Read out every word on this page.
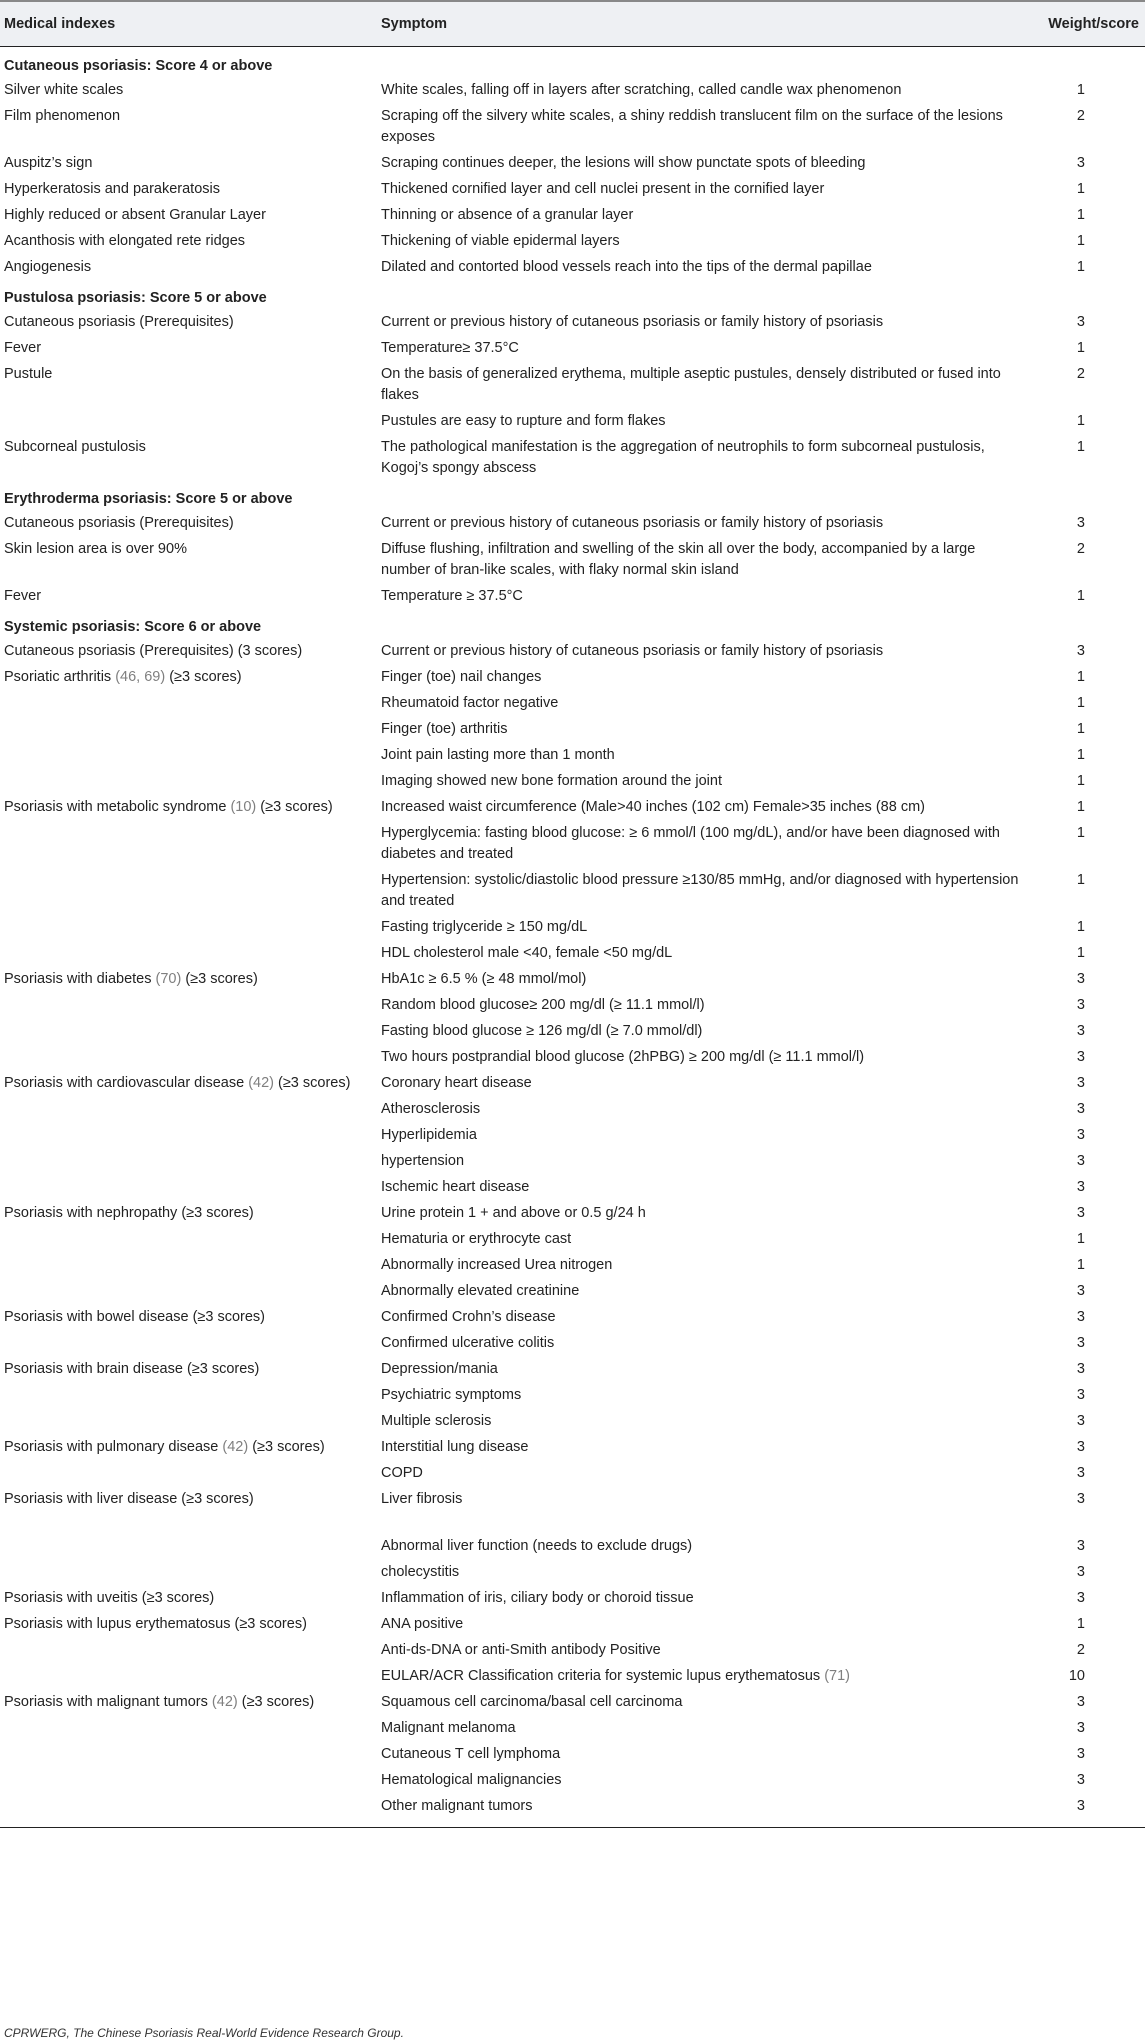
Medical indexes	Symptom	Weight/score
Cutaneous psoriasis: Score 4 or above		
Silver white scales	White scales, falling off in layers after scratching, called candle wax phenomenon	1
Film phenomenon	Scraping off the silvery white scales, a shiny reddish translucent film on the surface of the lesions exposes	2
Auspitz’s sign	Scraping continues deeper, the lesions will show punctate spots of bleeding	3
Hyperkeratosis and parakeratosis	Thickened cornified layer and cell nuclei present in the cornified layer	1
Highly reduced or absent Granular Layer	Thinning or absence of a granular layer	1
Acanthosis with elongated rete ridges	Thickening of viable epidermal layers	1
Angiogenesis	Dilated and contorted blood vessels reach into the tips of the dermal papillae	1
Pustulosa psoriasis: Score 5 or above		
Cutaneous psoriasis (Prerequisites)	Current or previous history of cutaneous psoriasis or family history of psoriasis	3
Fever	Temperature≥ 37.5°C	1
Pustule	On the basis of generalized erythema, multiple aseptic pustules, densely distributed or fused into flakes	2
	Pustules are easy to rupture and form flakes	1
Subcorneal pustulosis	The pathological manifestation is the aggregation of neutrophils to form subcorneal pustulosis, Kogoj’s spongy abscess	1
Erythroderma psoriasis: Score 5 or above		
Cutaneous psoriasis (Prerequisites)	Current or previous history of cutaneous psoriasis or family history of psoriasis	3
Skin lesion area is over 90%	Diffuse flushing, infiltration and swelling of the skin all over the body, accompanied by a large number of bran-like scales, with flaky normal skin island	2
Fever	Temperature ≥ 37.5°C	1
Systemic psoriasis: Score 6 or above		
Cutaneous psoriasis (Prerequisites) (3 scores)	Current or previous history of cutaneous psoriasis or family history of psoriasis	3
Psoriatic arthritis (46, 69) (≥3 scores)	Finger (toe) nail changes	1
	Rheumatoid factor negative	1
	Finger (toe) arthritis	1
	Joint pain lasting more than 1 month	1
	Imaging showed new bone formation around the joint	1
Psoriasis with metabolic syndrome (10) (≥3 scores)	Increased waist circumference (Male>40 inches (102 cm) Female>35 inches (88 cm)	1
	Hyperglycemia: fasting blood glucose: ≥ 6 mmol/l (100 mg/dL), and/or have been diagnosed with diabetes and treated	1
	Hypertension: systolic/diastolic blood pressure ≥130/85 mmHg, and/or diagnosed with hypertension and treated	1
	Fasting triglyceride ≥ 150 mg/dL	1
	HDL cholesterol male <40, female <50 mg/dL	1
Psoriasis with diabetes (70) (≥3 scores)	HbA1c ≥ 6.5 % (≥ 48 mmol/mol)	3
	Random blood glucose≥ 200 mg/dl (≥ 11.1 mmol/l)	3
	Fasting blood glucose ≥ 126 mg/dl (≥ 7.0 mmol/dl)	3
	Two hours postprandial blood glucose (2hPBG) ≥ 200 mg/dl (≥ 11.1 mmol/l)	3
Psoriasis with cardiovascular disease (42) (≥3 scores)	Coronary heart disease	3
	Atherosclerosis	3
	Hyperlipidemia	3
	hypertension	3
	Ischemic heart disease	3
Psoriasis with nephropathy (≥3 scores)	Urine protein 1 + and above or 0.5 g/24 h	3
	Hematuria or erythrocyte cast	1
	Abnormally increased Urea nitrogen	1
	Abnormally elevated creatinine	3
Psoriasis with bowel disease (≥3 scores)	Confirmed Crohn’s disease	3
	Confirmed ulcerative colitis	3
Psoriasis with brain disease (≥3 scores)	Depression/mania	3
	Psychiatric symptoms	3
	Multiple sclerosis	3
Psoriasis with pulmonary disease (42) (≥3 scores)	Interstitial lung disease	3
	COPD	3
Psoriasis with liver disease (≥3 scores)	Liver fibrosis	3
	Abnormal liver function (needs to exclude drugs)	3
	cholecystitis	3
Psoriasis with uveitis (≥3 scores)	Inflammation of iris, ciliary body or choroid tissue	3
Psoriasis with lupus erythematosus (≥3 scores)	ANA positive	1
	Anti-ds-DNA or anti-Smith antibody Positive	2
	EULAR/ACR Classification criteria for systemic lupus erythematosus (71)	10
Psoriasis with malignant tumors (42) (≥3 scores)	Squamous cell carcinoma/basal cell carcinoma	3
	Malignant melanoma	3
	Cutaneous T cell lymphoma	3
	Hematological malignancies	3
	Other malignant tumors	3
CPRWERG, The Chinese Psoriasis Real-World Evidence Research Group.
